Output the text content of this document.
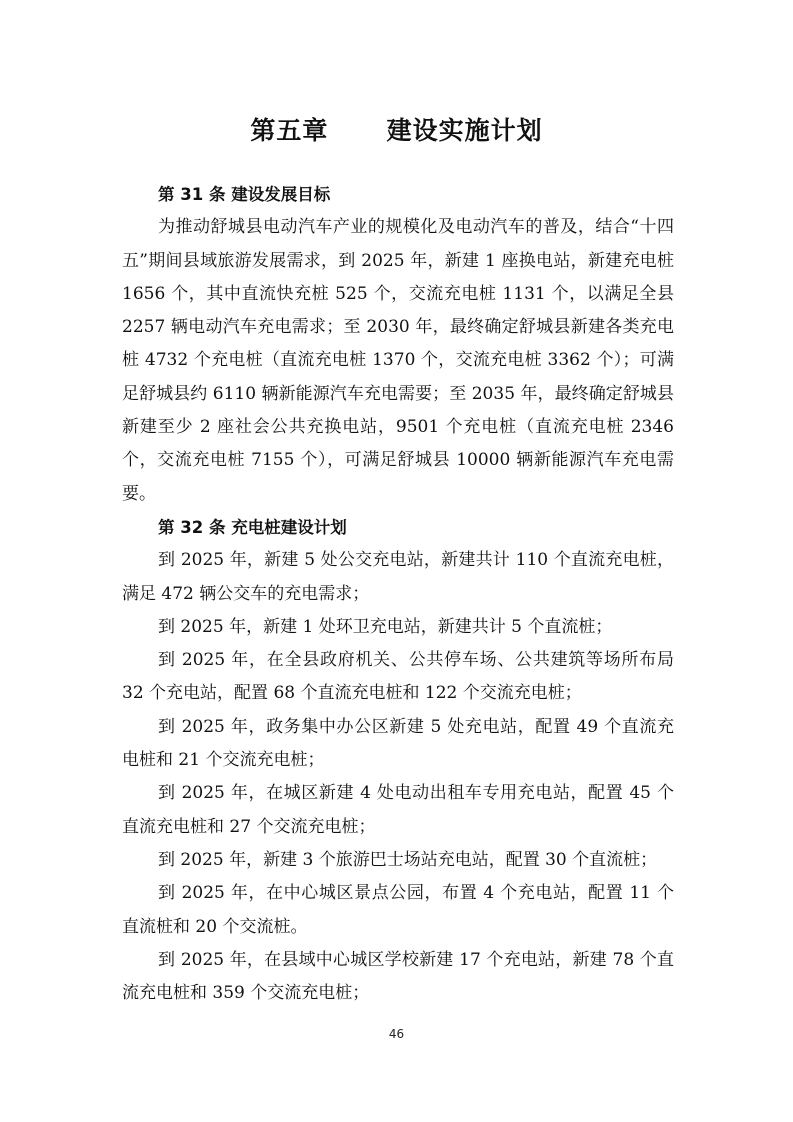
第五章      建设实施计划

第 31 条 建设发展目标

为推动舒城县电动汽车产业的规模化及电动汽车的普及，结合“十四五”期间县域旅游发展需求，到 2025 年，新建 1 座换电站，新建充电桩 1656 个，其中直流快充桩 525 个，交流充电桩 1131 个，以满足全县 2257 辆电动汽车充电需求；至 2030 年，最终确定舒城县新建各类充电桩 4732 个充电桩（直流充电桩 1370 个，交流充电桩 3362 个）；可满足舒城县约 6110 辆新能源汽车充电需要；至 2035 年，最终确定舒城县新建至少 2 座社会公共充换电站，9501 个充电桩（直流充电桩 2346 个，交流充电桩 7155 个），可满足舒城县 10000 辆新能源汽车充电需要。

第 32 条 充电桩建设计划

到 2025 年，新建 5 处公交充电站，新建共计 110 个直流充电桩，满足 472 辆公交车的充电需求；

到 2025 年，新建 1 处环卫充电站，新建共计 5 个直流桩；

到 2025 年，在全县政府机关、公共停车场、公共建筑等场所布局 32 个充电站，配置 68 个直流充电桩和 122 个交流充电桩；

到 2025 年，政务集中办公区新建 5 处充电站，配置 49 个直流充电桩和 21 个交流充电桩；

到 2025 年，在城区新建 4 处电动出租车专用充电站，配置 45 个直流充电桩和 27 个交流充电桩；

到 2025 年，新建 3 个旅游巴士场站充电站，配置 30 个直流桩；

到 2025 年，在中心城区景点公园，布置 4 个充电站，配置 11 个直流桩和 20 个交流桩。

到 2025 年，在县域中心城区学校新建 17 个充电站，新建 78 个直流充电桩和 359 个交流充电桩；

46
